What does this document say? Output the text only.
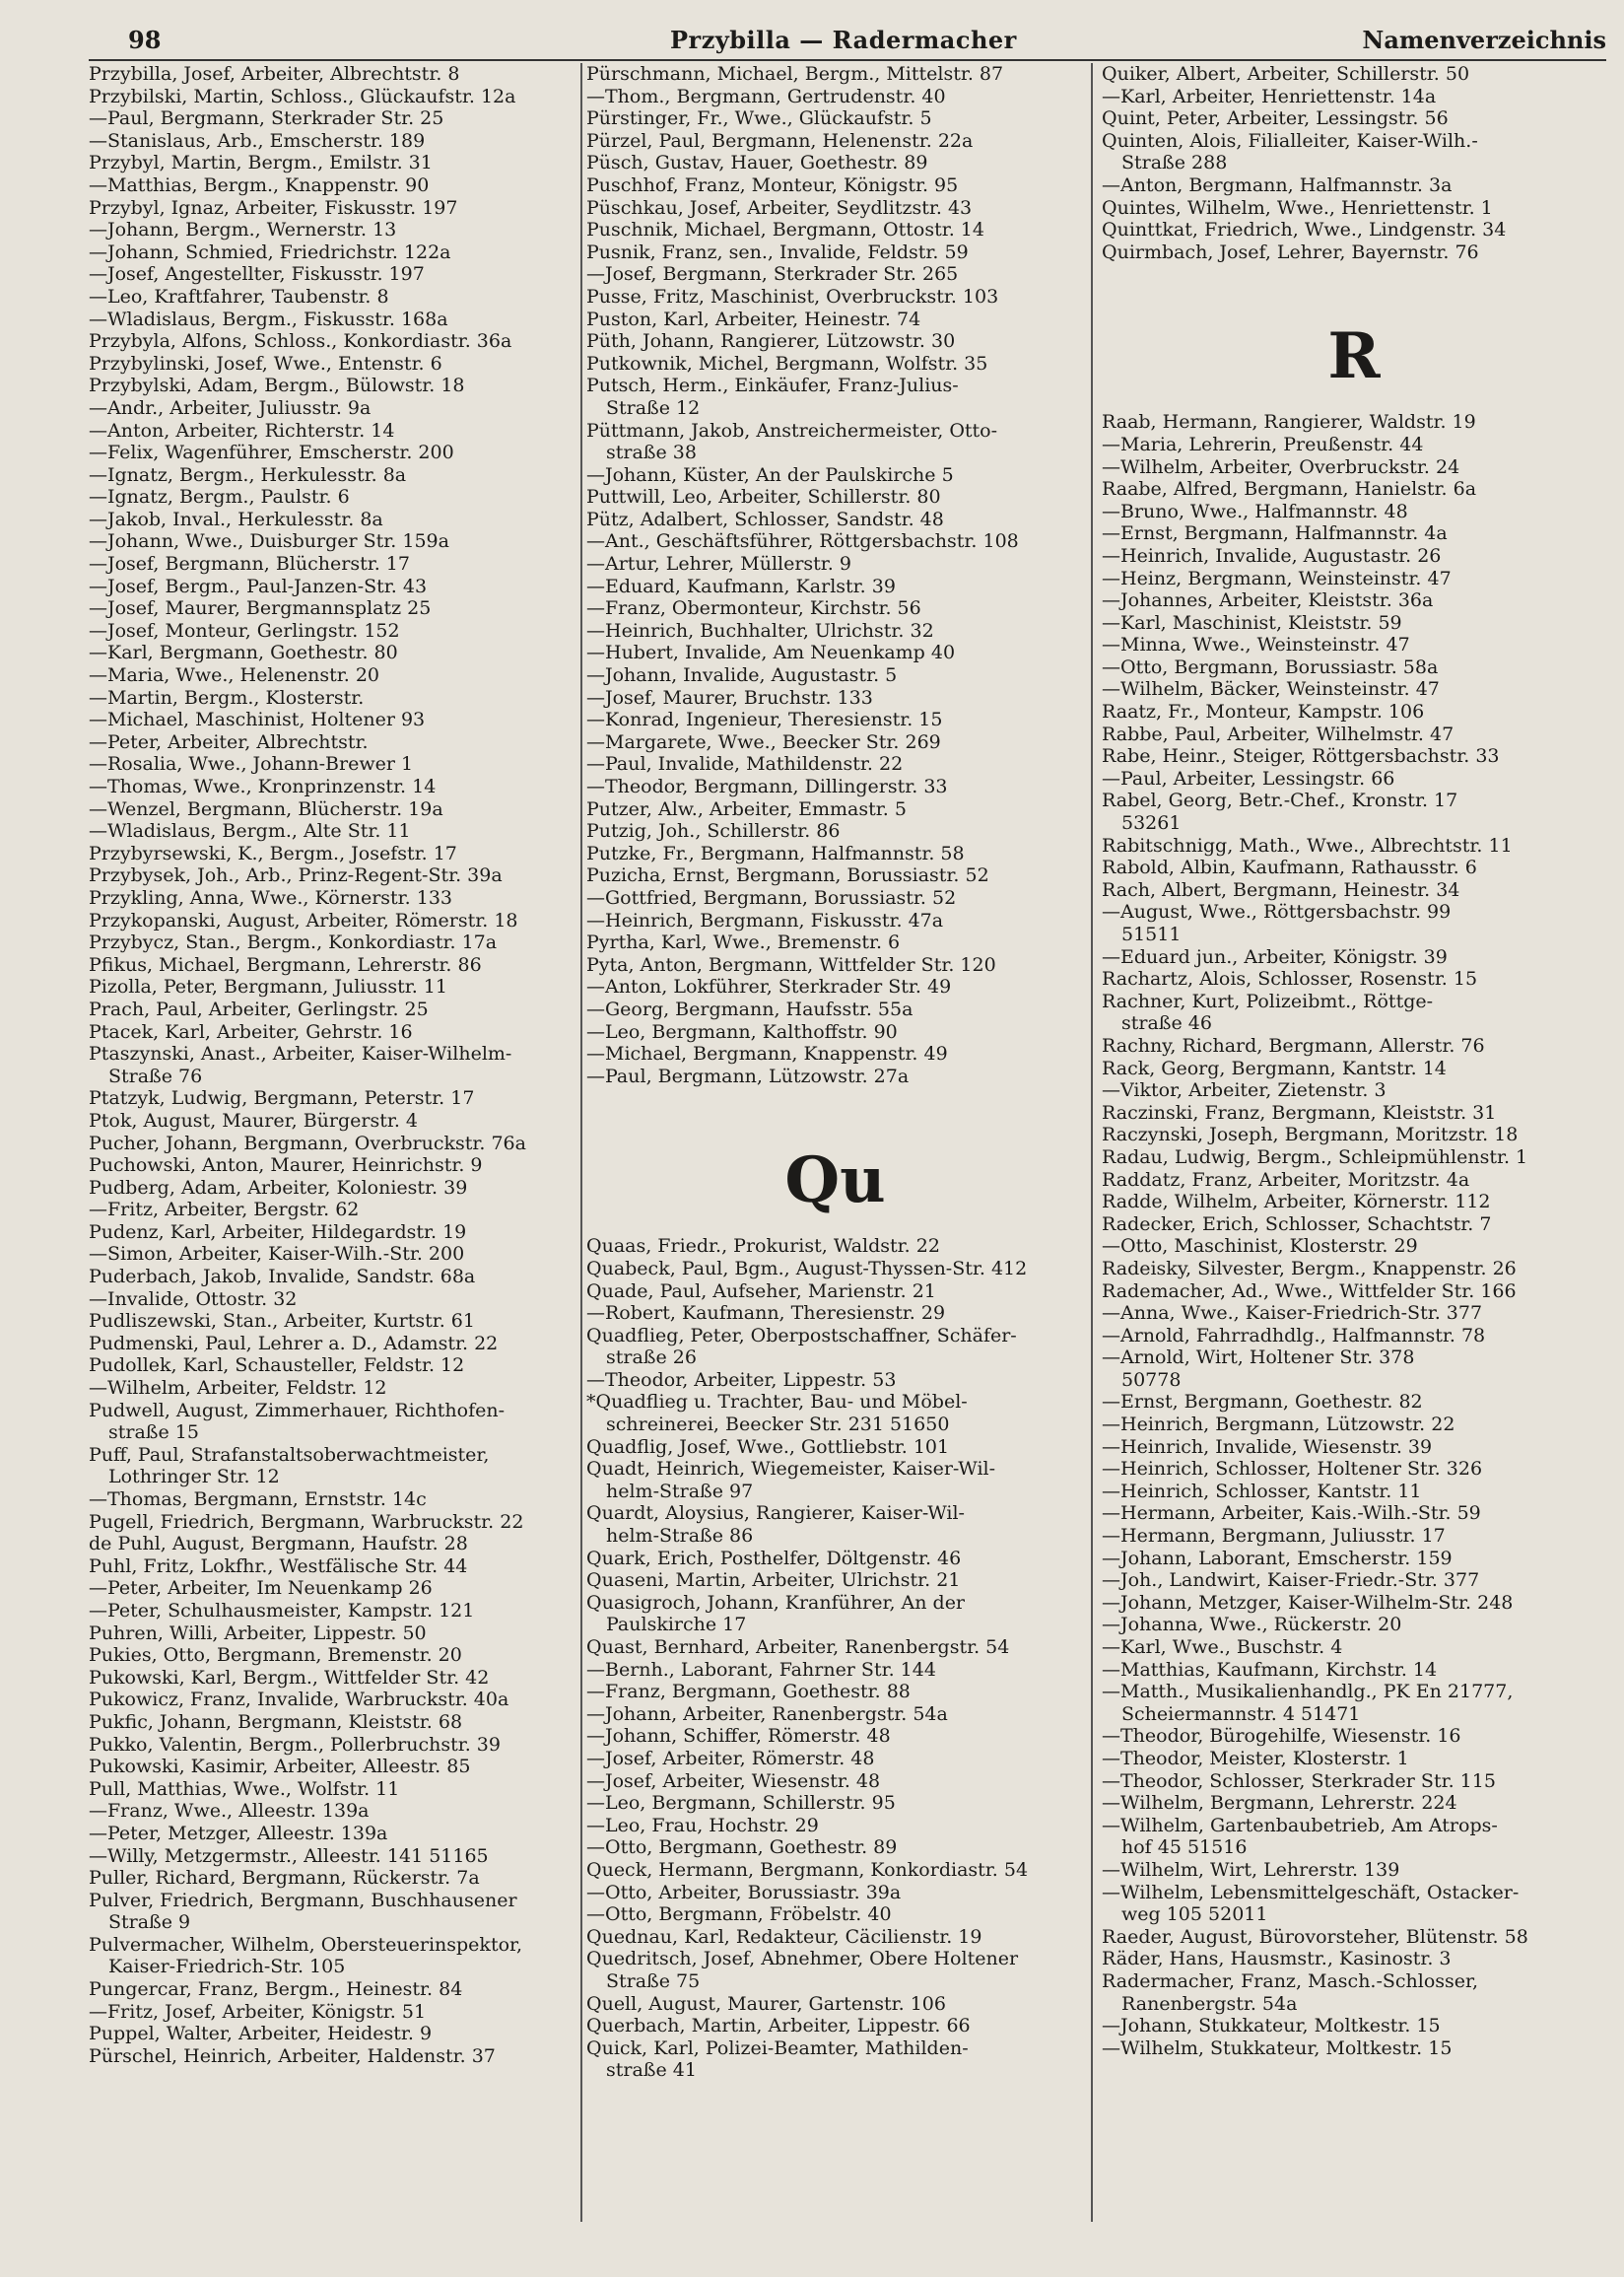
98	Przybilla — Radermacher	Namenverzeichnis
Przybilla, Josef, Arbeiter, Albrechtstr. 8
Przybilski, Martin, Schloss., Glückaufstr. 12a
—Paul, Bergmann, Sterkrader Str. 25
—Stanislaus, Arb., Emscherstr. 189
Przybyl, Martin, Bergm., Emilstr. 31
—Matthias, Bergm., Knappenstr. 90
Przybyl, Ignaz, Arbeiter, Fiskusstr. 197
—Johann, Bergm., Wernerstr. 13
—Johann, Schmied, Friedrichstr. 122a
—Josef, Angestellter, Fiskusstr. 197
—Leo, Kraftfahrer, Taubenstr. 8
—Wladislaus, Bergm., Fiskusstr. 168a
Przybyla, Alfons, Schloss., Konkordiastr. 36a
Przybylinski, Josef, Wwe., Entenstr. 6
Przybylski, Adam, Bergm., Bülowstr. 18
—Andr., Arbeiter, Juliusstr. 9a
—Anton, Arbeiter, Richterstr. 14
—Felix, Wagenführer, Emscherstr. 200
—Ignatz, Bergm., Herkulesstr. 8a
—Ignatz, Bergm., Paulstr. 6
—Jakob, Inval., Herkulesstr. 8a
—Johann, Wwe., Duisburger Str. 159a
—Josef, Bergmann, Blücherstr. 17
—Josef, Bergm., Paul-Janzen-Str. 43
—Josef, Maurer, Bergmannsplatz 25
—Josef, Monteur, Gerlingstr. 152
—Karl, Bergmann, Goethestr. 80
—Maria, Wwe., Helenenstr. 20
—Martin, Bergm., Klosterstr.
—Michael, Maschinist, Holtener 93
—Peter, Arbeiter, Albrechtstr.
—Rosalia, Wwe., Johann-Brewer 1
—Thomas, Wwe., Kronprinzenstr. 14
—Wenzel, Bergmann, Blücherstr. 19a
—Wladislaus, Bergm., Alte Str. 11
Przybyrsewski, K., Bergm., Josefstr. 17
Przybysek, Joh., Arb., Prinz-Regent-Str. 39a
Przykling, Anna, Wwe., Körnerstr. 133
Przykopanski, August, Arbeiter, Römerstr. 18
Przybycz, Stan., Bergm., Konkordiastr. 17a
Pfikus, Michael, Bergmann, Lehrerstr. 86
Pizolla, Peter, Bergmann, Juliusstr. 11
Prach, Paul, Arbeiter, Gerlingstr. 25
Ptacek, Karl, Arbeiter, Gehrstr. 16
Ptaszynski, Anast., Arbeiter, Kaiser-Wilhelm-
Straße 76
Ptatzyk, Ludwig, Bergmann, Peterstr. 17
Ptok, August, Maurer, Bürgerstr. 4
Pucher, Johann, Bergmann, Overbruckstr. 76a
Puchowski, Anton, Maurer, Heinrichstr. 9
Pudberg, Adam, Arbeiter, Koloniestr. 39
—Fritz, Arbeiter, Bergstr. 62
Pudenz, Karl, Arbeiter, Hildegardstr. 19
—Simon, Arbeiter, Kaiser-Wilh.-Str. 200
Puderbach, Jakob, Invalide, Sandstr. 68a
—Invalide, Ottostr. 32
Pudliszewski, Stan., Arbeiter, Kurtstr. 61
Pudmenski, Paul, Lehrer a. D., Adamstr. 22
Pudollek, Karl, Schausteller, Feldstr. 12
—Wilhelm, Arbeiter, Feldstr. 12
Pudwell, August, Zimmerhauer, Richthofen-
straße 15
Puff, Paul, Strafanstaltsoberwachtmeister,
Lothringer Str. 12
—Thomas, Bergmann, Ernststr. 14c
Pugell, Friedrich, Bergmann, Warbruckstr. 22
de Puhl, August, Bergmann, Haufstr. 28
Puhl, Fritz, Lokfhr., Westfälische Str. 44
—Peter, Arbeiter, Im Neuenkamp 26
—Peter, Schulhausmeister, Kampstr. 121
Puhren, Willi, Arbeiter, Lippestr. 50
Pukies, Otto, Bergmann, Bremenstr. 20
Pukowski, Karl, Bergm., Wittfelder Str. 42
Pukowicz, Franz, Invalide, Warbruckstr. 40a
Pukfic, Johann, Bergmann, Kleiststr. 68
Pukko, Valentin, Bergm., Pollerbruchstr. 39
Pukowski, Kasimir, Arbeiter, Alleestr. 85
Pull, Matthias, Wwe., Wolfstr. 11
—Franz, Wwe., Alleestr. 139a
—Peter, Metzger, Alleestr. 139a
—Willy, Metzgermstr., Alleestr. 141 51165
Puller, Richard, Bergmann, Rückerstr. 7a
Pulver, Friedrich, Bergmann, Buschhausener
Straße 9
Pulvermacher, Wilhelm, Obersteuerinspektor,
Kaiser-Friedrich-Str. 105
Pungercar, Franz, Bergm., Heinestr. 84
—Fritz, Josef, Arbeiter, Königstr. 51
Puppel, Walter, Arbeiter, Heidestr. 9
Pürschel, Heinrich, Arbeiter, Haldenstr. 37
Pürschmann, Michael, Bergm., Mittelstr. 87
—Thom., Bergmann, Gertrudenstr. 40
Pürstinger, Fr., Wwe., Glückaufstr. 5
Pürzel, Paul, Bergmann, Helenenstr. 22a
Püsch, Gustav, Hauer, Goethestr. 89
Puschhof, Franz, Monteur, Königstr. 95
Püschkau, Josef, Arbeiter, Seydlitzstr. 43
Puschnik, Michael, Bergmann, Ottostr. 14
Pusnik, Franz, sen., Invalide, Feldstr. 59
—Josef, Bergmann, Sterkrader Str. 265
Pusse, Fritz, Maschinist, Overbruckstr. 103
Puston, Karl, Arbeiter, Heinestr. 74
Püth, Johann, Rangierer, Lützowstr. 30
Putkownik, Michel, Bergmann, Wolfstr. 35
Putsch, Herm., Einkäufer, Franz-Julius-
Straße 12
Püttmann, Jakob, Anstreichermeister, Otto-
straße 38
—Johann, Küster, An der Paulskirche 5
Puttwill, Leo, Arbeiter, Schillerstr. 80
Pütz, Adalbert, Schlosser, Sandstr. 48
—Ant., Geschäftsführer, Röttgersbachstr. 108
—Artur, Lehrer, Müllerstr. 9
—Eduard, Kaufmann, Karlstr. 39
—Franz, Obermonteur, Kirchstr. 56
—Heinrich, Buchhalter, Ulrichstr. 32
—Hubert, Invalide, Am Neuenkamp 40
—Johann, Invalide, Augustastr. 5
—Josef, Maurer, Bruchstr. 133
—Konrad, Ingenieur, Theresienstr. 15
—Margarete, Wwe., Beecker Str. 269
—Paul, Invalide, Mathildenstr. 22
—Theodor, Bergmann, Dillingerstr. 33
Putzer, Alw., Arbeiter, Emmastr. 5
Putzig, Joh., Schillerstr. 86
Putzke, Fr., Bergmann, Halfmannstr. 58
Puzicha, Ernst, Bergmann, Borussiastr. 52
—Gottfried, Bergmann, Borussiastr. 52
—Heinrich, Bergmann, Fiskusstr. 47a
Pyrtha, Karl, Wwe., Bremenstr. 6
Pyta, Anton, Bergmann, Wittfelder Str. 120
—Anton, Lokführer, Sterkrader Str. 49
—Georg, Bergmann, Haufsstr. 55a
—Leo, Bergmann, Kalthoffstr. 90
—Michael, Bergmann, Knappenstr. 49
—Paul, Bergmann, Lützowstr. 27a
Qu
Quaas, Friedr., Prokurist, Waldstr. 22
Quabeck, Paul, Bgm., August-Thyssen-Str. 412
Quade, Paul, Aufseher, Marienstr. 21
—Robert, Kaufmann, Theresienstr. 29
Quadflieg, Peter, Oberpostschaffner, Schäfer-
straße 26
—Theodor, Arbeiter, Lippestr. 53
*Quadflieg u. Trachter, Bau- und Möbel-
schreinerei, Beecker Str. 231 51650
Quadflig, Josef, Wwe., Gottliebstr. 101
Quadt, Heinrich, Wiegemeister, Kaiser-Wil-
helm-Straße 97
Quardt, Aloysius, Rangierer, Kaiser-Wil-
helm-Straße 86
Quark, Erich, Posthelfer, Döltgenstr. 46
Quaseni, Martin, Arbeiter, Ulrichstr. 21
Quasigroch, Johann, Kranführer, An der
Paulskirche 17
Quast, Bernhard, Arbeiter, Ranenbergstr. 54
—Bernh., Laborant, Fahrner Str. 144
—Franz, Bergmann, Goethestr. 88
—Johann, Arbeiter, Ranenbergstr. 54a
—Johann, Schiffer, Römerstr. 48
—Josef, Arbeiter, Römerstr. 48
—Josef, Arbeiter, Wiesenstr. 48
—Leo, Bergmann, Schillerstr. 95
—Leo, Frau, Hochstr. 29
—Otto, Bergmann, Goethestr. 89
Queck, Hermann, Bergmann, Konkordiastr. 54
—Otto, Arbeiter, Borussiastr. 39a
—Otto, Bergmann, Fröbelstr. 40
Quednau, Karl, Redakteur, Cäcilienstr. 19
Quedritsch, Josef, Abnehmer, Obere Holtener
Straße 75
Quell, August, Maurer, Gartenstr. 106
Querbach, Martin, Arbeiter, Lippestr. 66
Quick, Karl, Polizei-Beamter, Mathilden-
straße 41
Quiker, Albert, Arbeiter, Schillerstr. 50
—Karl, Arbeiter, Henriettenstr. 14a
Quint, Peter, Arbeiter, Lessingstr. 56
Quinten, Alois, Filialleiter, Kaiser-Wilh.-
Straße 288
—Anton, Bergmann, Halfmannstr. 3a
Quintes, Wilhelm, Wwe., Henriettenstr. 1
Quinttkat, Friedrich, Wwe., Lindgenstr. 34
Quirmbach, Josef, Lehrer, Bayernstr. 76
R
Raab, Hermann, Rangierer, Waldstr. 19
—Maria, Lehrerin, Preußenstr. 44
—Wilhelm, Arbeiter, Overbruckstr. 24
Raabe, Alfred, Bergmann, Hanielstr. 6a
—Bruno, Wwe., Halfmannstr. 48
—Ernst, Bergmann, Halfmannstr. 4a
—Heinrich, Invalide, Augustastr. 26
—Heinz, Bergmann, Weinsteinstr. 47
—Johannes, Arbeiter, Kleiststr. 36a
—Karl, Maschinist, Kleiststr. 59
—Minna, Wwe., Weinsteinstr. 47
—Otto, Bergmann, Borussiastr. 58a
—Wilhelm, Bäcker, Weinsteinstr. 47
Raatz, Fr., Monteur, Kampstr. 106
Rabbe, Paul, Arbeiter, Wilhelmstr. 47
Rabe, Heinr., Steiger, Röttgersbachstr. 33
—Paul, Arbeiter, Lessingstr. 66
Rabel, Georg, Betr.-Chef., Kronstr. 17
53261
Rabitschnigg, Math., Wwe., Albrechtstr. 11
Rabold, Albin, Kaufmann, Rathausstr. 6
Rach, Albert, Bergmann, Heinestr. 34
—August, Wwe., Röttgersbachstr. 99
51511
—Eduard jun., Arbeiter, Königstr. 39
Rachartz, Alois, Schlosser, Rosenstr. 15
Rachner, Kurt, Polizeibmt., Röttge-
straße 46
Rachny, Richard, Bergmann, Allerstr. 76
Rack, Georg, Bergmann, Kantstr. 14
—Viktor, Arbeiter, Zietenstr. 3
Raczinski, Franz, Bergmann, Kleiststr. 31
Raczynski, Joseph, Bergmann, Moritzstr. 18
Radau, Ludwig, Bergm., Schleipmühlenstr. 1
Raddatz, Franz, Arbeiter, Moritzstr. 4a
Radde, Wilhelm, Arbeiter, Körnerstr. 112
Radecker, Erich, Schlosser, Schachtstr. 7
—Otto, Maschinist, Klosterstr. 29
Radeisky, Silvester, Bergm., Knappenstr. 26
Rademacher, Ad., Wwe., Wittfelder Str. 166
—Anna, Wwe., Kaiser-Friedrich-Str. 377
—Arnold, Fahrradhdlg., Halfmannstr. 78
—Arnold, Wirt, Holtener Str. 378
50778
—Ernst, Bergmann, Goethestr. 82
—Heinrich, Bergmann, Lützowstr. 22
—Heinrich, Invalide, Wiesenstr. 39
—Heinrich, Schlosser, Holtener Str. 326
—Heinrich, Schlosser, Kantstr. 11
—Hermann, Arbeiter, Kais.-Wilh.-Str. 59
—Hermann, Bergmann, Juliusstr. 17
—Johann, Laborant, Emscherstr. 159
—Joh., Landwirt, Kaiser-Friedr.-Str. 377
—Johann, Metzger, Kaiser-Wilhelm-Str. 248
—Johanna, Wwe., Rückerstr. 20
—Karl, Wwe., Buschstr. 4
—Matthias, Kaufmann, Kirchstr. 14
—Matth., Musikalienhandlg., PK En 21777,
Scheiermannstr. 4 51471
—Theodor, Bürogehilfe, Wiesenstr. 16
—Theodor, Meister, Klosterstr. 1
—Theodor, Schlosser, Sterkrader Str. 115
—Wilhelm, Bergmann, Lehrerstr. 224
—Wilhelm, Gartenbaubetrieb, Am Atrops-
hof 45 51516
—Wilhelm, Wirt, Lehrerstr. 139
—Wilhelm, Lebensmittelgeschäft, Ostacker-
weg 105 52011
Raeder, August, Bürovorsteher, Blütenstr. 58
Räder, Hans, Hausmstr., Kasinostr. 3
Radermacher, Franz, Masch.-Schlosser,
Ranenbergstr. 54a
—Johann, Stukkateur, Moltkestr. 15
—Wilhelm, Stukkateur, Moltkestr. 15
